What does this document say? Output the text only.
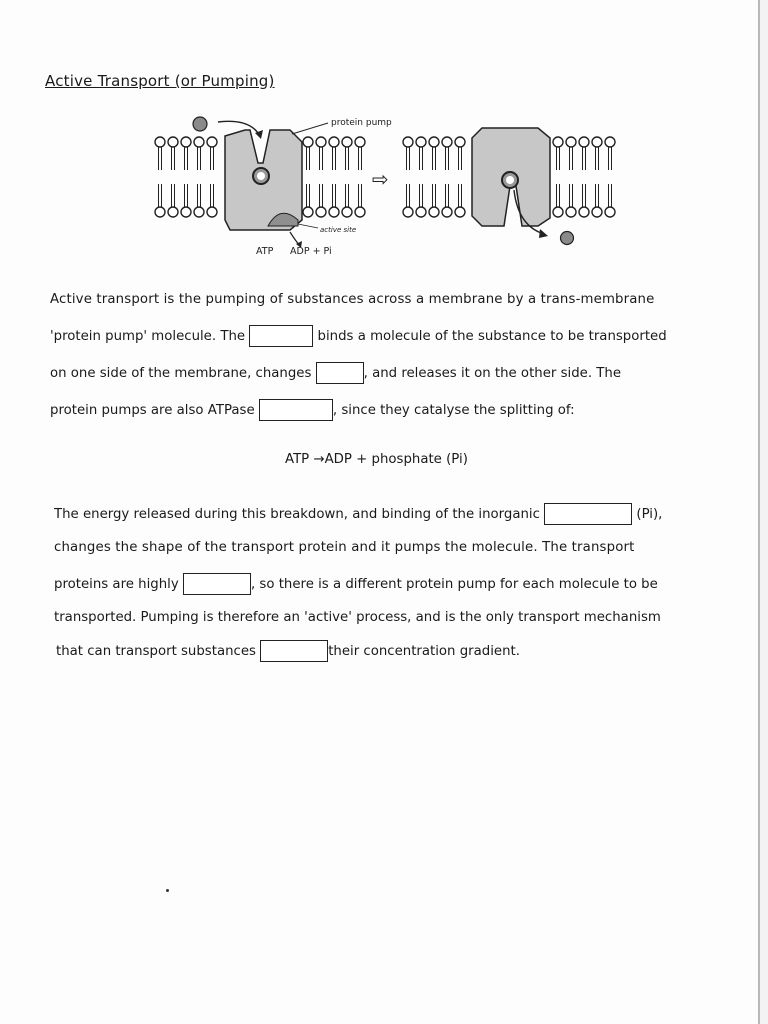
Active Transport (or Pumping)
protein pump
active site
ATP ADP + Pi
⇨
Active transport is the pumping of substances across a membrane by a trans-membrane
'protein pump' molecule. The	binds a molecule of the substance to be transported
on one side of the membrane, changes	, and releases it on the other side. The
protein pumps are also ATPase	, since they catalyse the splitting of:
ATP →ADP + phosphate (Pi)
The energy released during this breakdown, and binding of the inorganic	(Pi),
changes the shape of the transport protein and it pumps the molecule. The transport
proteins are highly	, so there is a different protein pump for each molecule to be
transported. Pumping is therefore an 'active' process, and is the only transport mechanism
that can transport substances	their concentration gradient.
